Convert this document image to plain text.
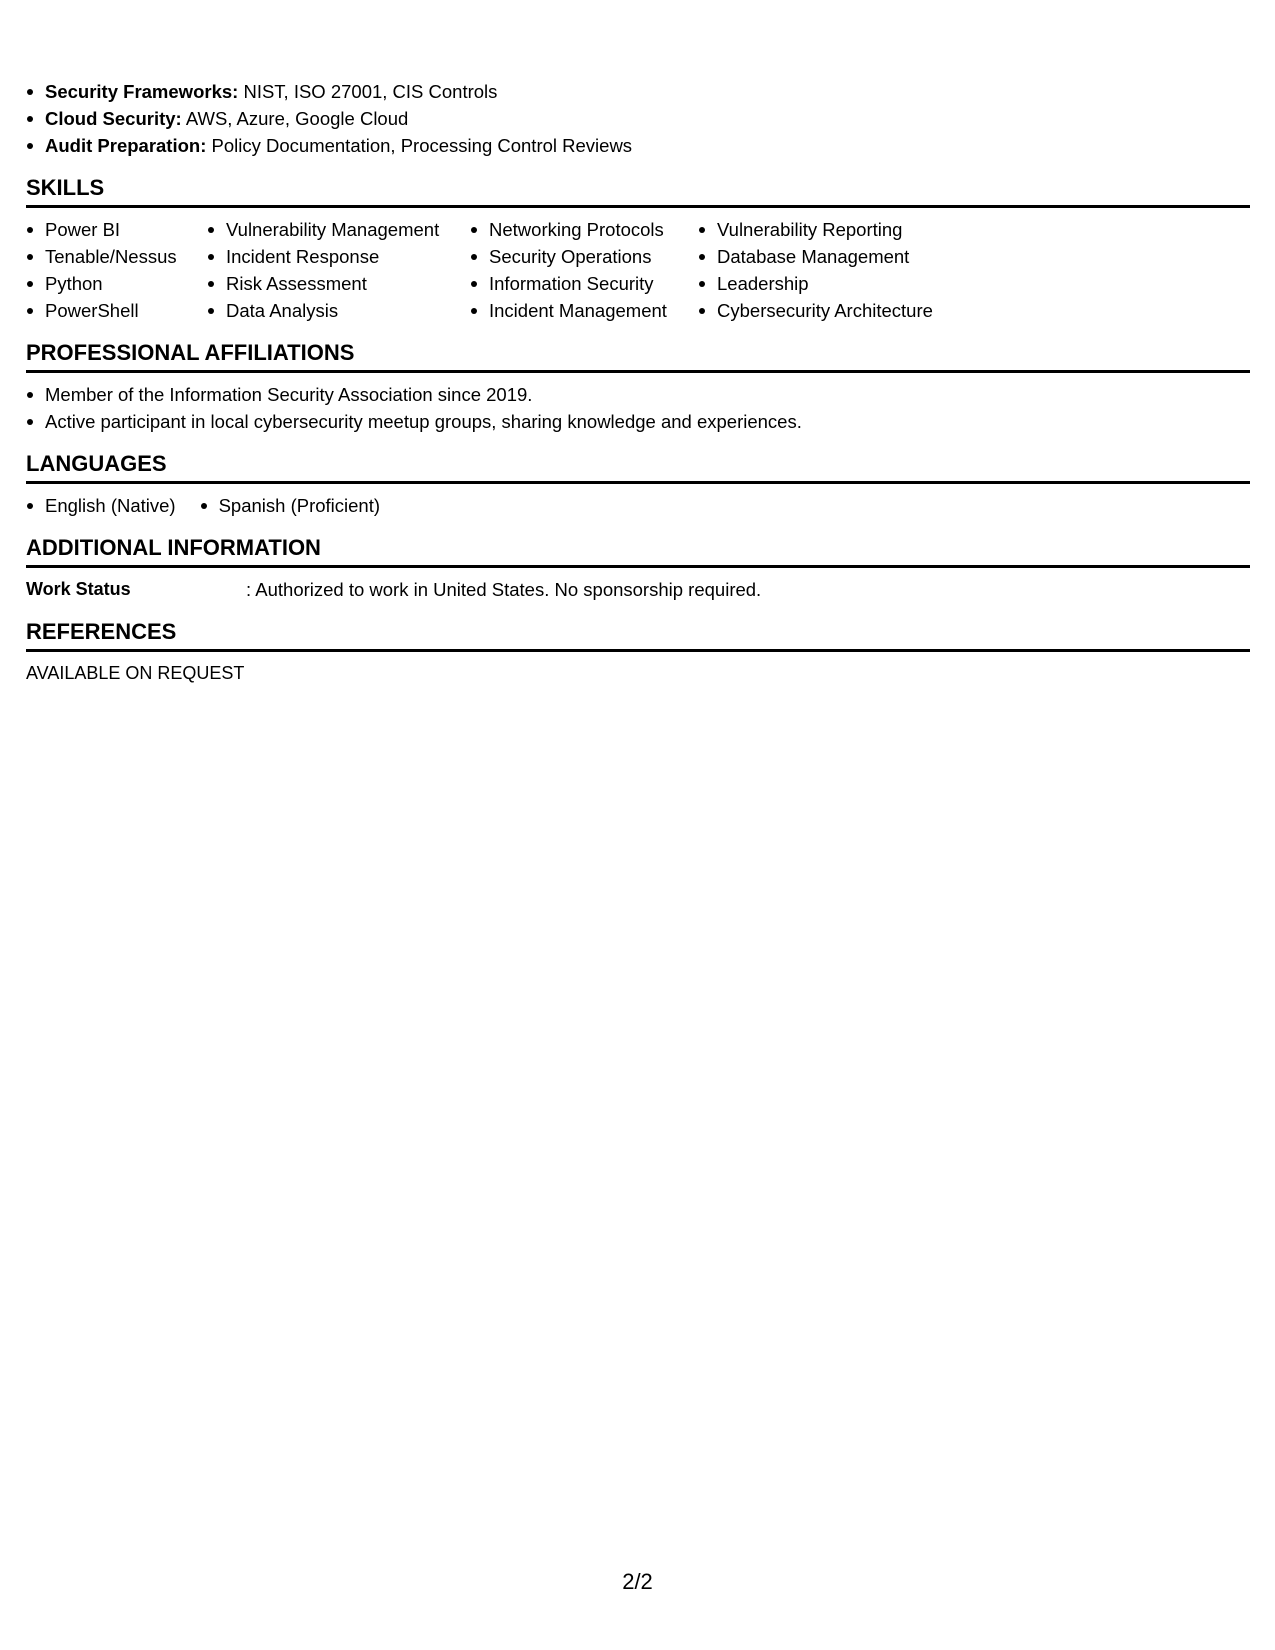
Security Frameworks: NIST, ISO 27001, CIS Controls
Cloud Security: AWS, Azure, Google Cloud
Audit Preparation: Policy Documentation, Processing Control Reviews
SKILLS
Power BI
Tenable/Nessus
Python
PowerShell
Vulnerability Management
Incident Response
Risk Assessment
Data Analysis
Networking Protocols
Security Operations
Information Security
Incident Management
Vulnerability Reporting
Database Management
Leadership
Cybersecurity Architecture
PROFESSIONAL AFFILIATIONS
Member of the Information Security Association since 2019.
Active participant in local cybersecurity meetup groups, sharing knowledge and experiences.
LANGUAGES
English (Native)	Spanish (Proficient)
ADDITIONAL INFORMATION
Work Status	: Authorized to work in United States. No sponsorship required.
REFERENCES
AVAILABLE ON REQUEST
2/2
